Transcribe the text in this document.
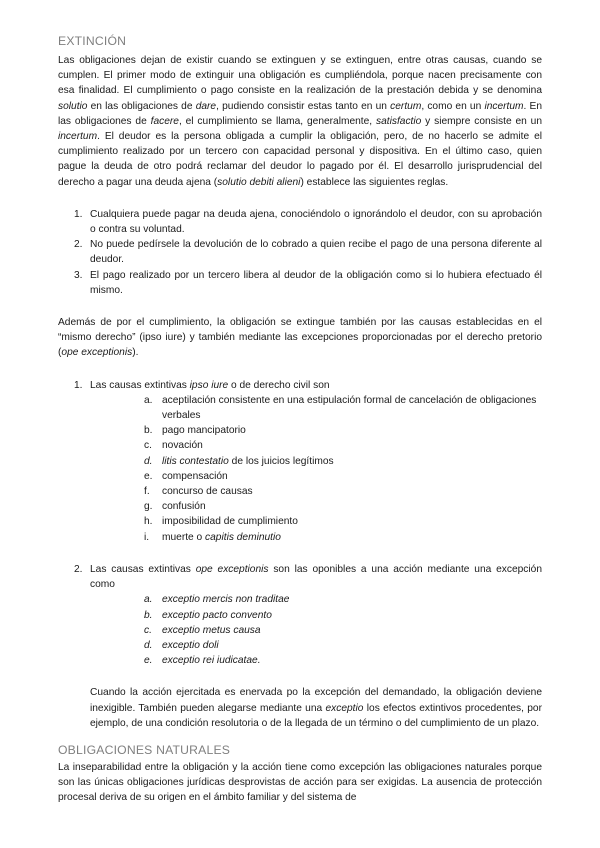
EXTINCIÓN

Las obligaciones dejan de existir cuando se extinguen y se extinguen, entre otras causas, cuando se cumplen. El primer modo de extinguir una obligación es cumpliéndola, porque nacen precisamente con esa finalidad. El cumplimiento o pago consiste en la realización de la prestación debida y se denomina solutio en las obligaciones de dare, pudiendo consistir estas tanto en un certum, como en un incertum. En las obligaciones de facere, el cumplimiento se llama, generalmente, satisfactio y siempre consiste en un incertum. El deudor es la persona obligada a cumplir la obligación, pero, de no hacerlo se admite el cumplimiento realizado por un tercero con capacidad personal y dispositiva. En el último caso, quien pague la deuda de otro podrá reclamar del deudor lo pagado por él. El desarrollo jurisprudencial del derecho a pagar una deuda ajena (solutio debiti alieni) establece las siguientes reglas.

1. Cualquiera puede pagar na deuda ajena, conociéndolo o ignorándolo el deudor, con su aprobación o contra su voluntad.
2. No puede pedírsele la devolución de lo cobrado a quien recibe el pago de una persona diferente al deudor.
3. El pago realizado por un tercero libera al deudor de la obligación como si lo hubiera efectuado él mismo.

Además de por el cumplimiento, la obligación se extingue también por las causas establecidas en el “mismo derecho” (ipso iure) y también mediante las excepciones proporcionadas por el derecho pretorio (ope exceptionis).

1. Las causas extintivas ipso iure o de derecho civil son
a. aceptilación consistente en una estipulación formal de cancelación de obligaciones verbales
b. pago mancipatorio
c. novación
d. litis contestatio de los juicios legítimos
e. compensación
f. concurso de causas
g. confusión
h. imposibilidad de cumplimiento
i. muerte o capitis deminutio
2. Las causas extintivas ope exceptionis son las oponibles a una acción mediante una excepción como
a. exceptio mercis non traditae
b. exceptio pacto convento
c. exceptio metus causa
d. exceptio doli
e. exceptio rei iudicatae.

Cuando la acción ejercitada es enervada po la excepción del demandado, la obligación deviene inexigible. También pueden alegarse mediante una exceptio los efectos extintivos procedentes, por ejemplo, de una condición resolutoria o de la llegada de un término o del cumplimiento de un plazo.

OBLIGACIONES NATURALES

La inseparabilidad entre la obligación y la acción tiene como excepción las obligaciones naturales porque son las únicas obligaciones jurídicas desprovistas de acción para ser exigidas. La ausencia de protección procesal deriva de su origen en el ámbito familiar y del sistema de
